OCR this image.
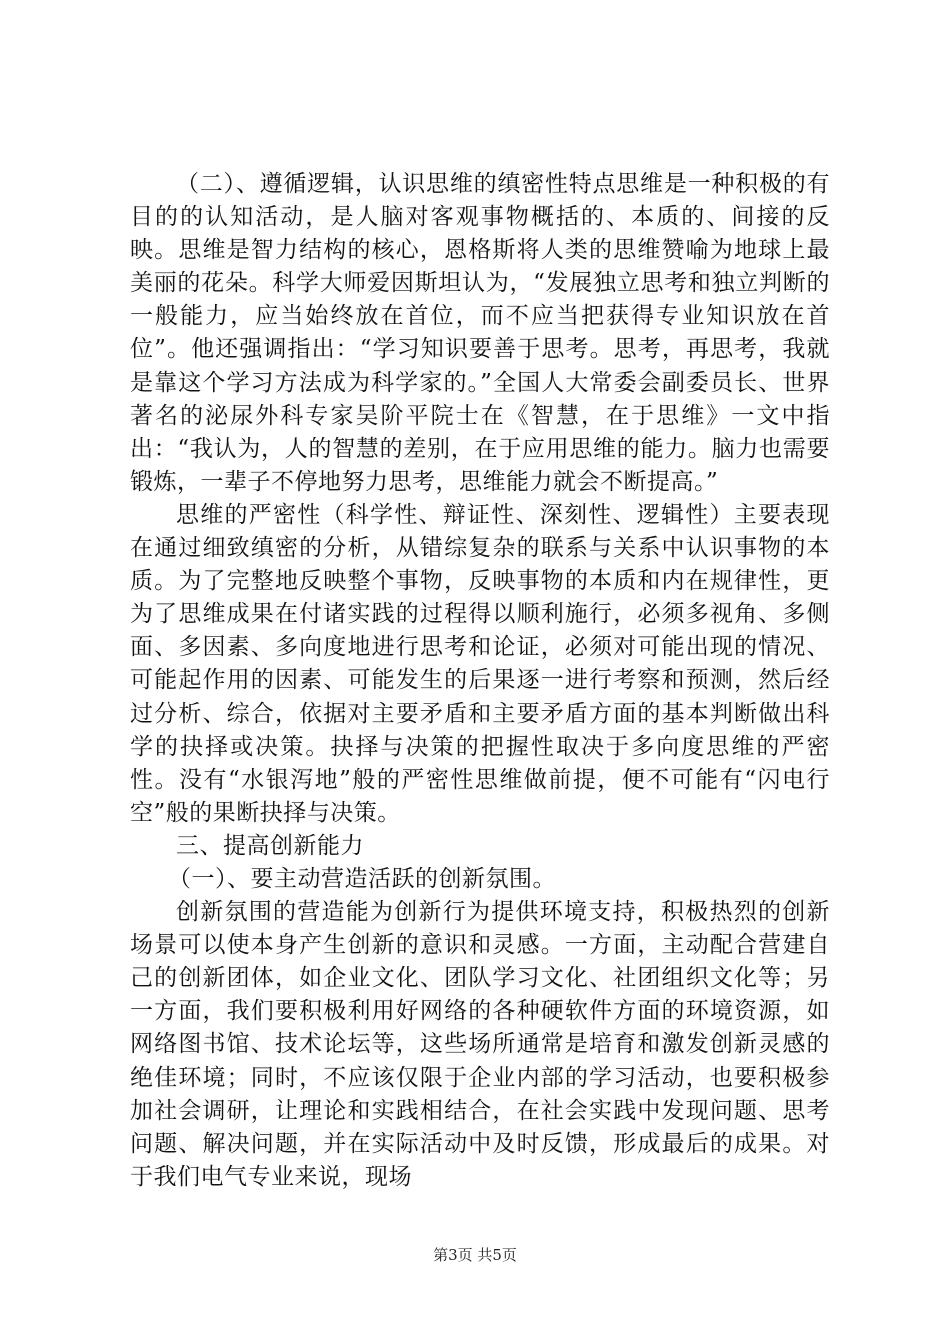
（二）、遵循逻辑，认识思维的缜密性特点思维是一种积极的有目的的认知活动，是人脑对客观事物概括的、本质的、间接的反映。思维是智力结构的核心，恩格斯将人类的思维赞喻为地球上最美丽的花朵。科学大师爱因斯坦认为，“发展独立思考和独立判断的一般能力，应当始终放在首位，而不应当把获得专业知识放在首位”。他还强调指出：“学习知识要善于思考。思考，再思考，我就是靠这个学习方法成为科学家的。”全国人大常委会副委员长、世界著名的泌尿外科专家吴阶平院士在《智慧，在于思维》一文中指出：“我认为，人的智慧的差别，在于应用思维的能力。脑力也需要锻炼，一辈子不停地努力思考，思维能力就会不断提高。”

思维的严密性（科学性、辩证性、深刻性、逻辑性）主要表现在通过细致缜密的分析，从错综复杂的联系与关系中认识事物的本质。为了完整地反映整个事物，反映事物的本质和内在规律性，更为了思维成果在付诸实践的过程得以顺利施行，必须多视角、多侧面、多因素、多向度地进行思考和论证，必须对可能出现的情况、可能起作用的因素、可能发生的后果逐一进行考察和预测，然后经过分析、综合，依据对主要矛盾和主要矛盾方面的基本判断做出科学的抉择或决策。抉择与决策的把握性取决于多向度思维的严密性。没有“水银泻地”般的严密性思维做前提，便不可能有“闪电行空”般的果断抉择与决策。

三、提高创新能力

（一）、要主动营造活跃的创新氛围。

创新氛围的营造能为创新行为提供环境支持，积极热烈的创新场景可以使本身产生创新的意识和灵感。一方面，主动配合营建自己的创新团体，如企业文化、团队学习文化、社团组织文化等；另一方面，我们要积极利用好网络的各种硬软件方面的环境资源，如网络图书馆、技术论坛等，这些场所通常是培育和激发创新灵感的绝佳环境；同时，不应该仅限于企业内部的学习活动，也要积极参加社会调研，让理论和实践相结合，在社会实践中发现问题、思考问题、解决问题，并在实际活动中及时反馈，形成最后的成果。对于我们电气专业来说，现场

第3页 共5页
